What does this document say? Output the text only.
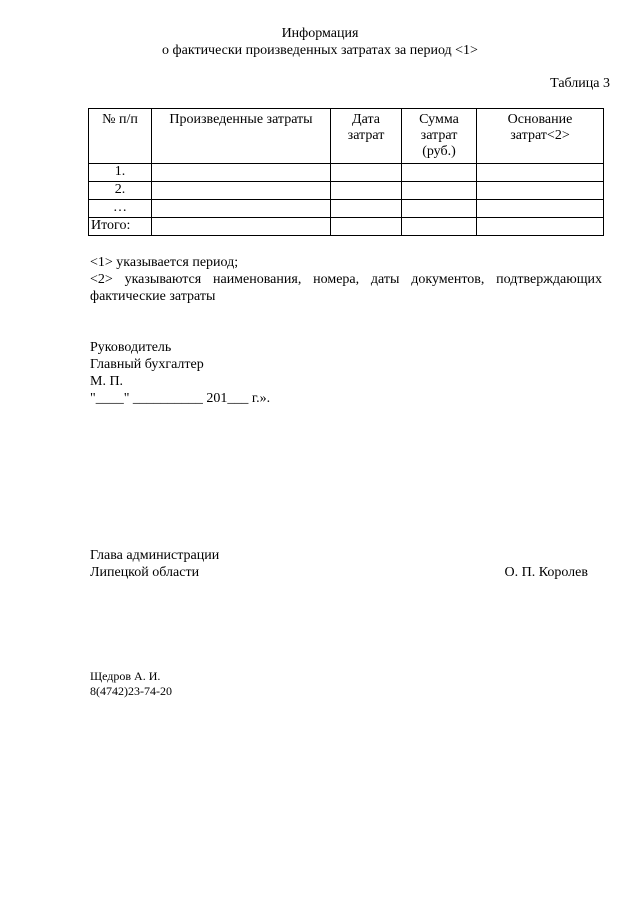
Информация
о фактически произведенных затратах за период <1>
Таблица 3
№ п/п	Произведенные затраты	Дата затрат	Сумма затрат (руб.)	Основание затрат<2>
1.				
2.				
…				
Итого:				

<1> указывается период;

<2> указываются наименования, номера, даты документов, подтверждающих фактические затраты

Руководитель
Главный бухгалтер
М. П.
"____" __________ 201___ г.».
Глава администрации
Липецкой области	О. П. Королев
Щедров А. И.
8(4742)23-74-20
